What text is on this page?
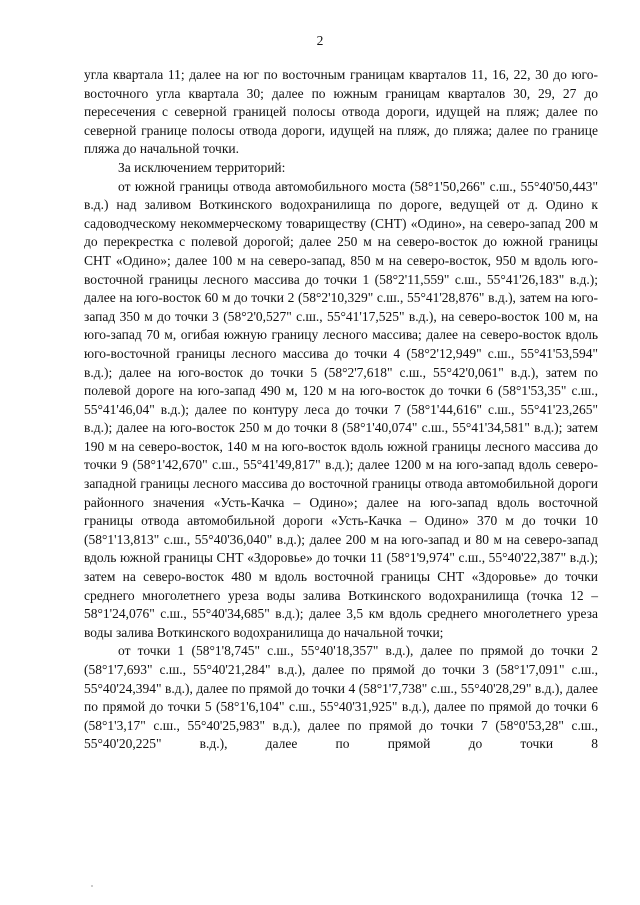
2

угла квартала 11; далее на юг по восточным границам кварталов 11, 16, 22, 30 до юго-восточного угла квартала 30; далее по южным границам кварталов 30, 29, 27 до пересечения с северной границей полосы отвода дороги, идущей на пляж; далее по северной границе полосы отвода дороги, идущей на пляж, до пляжа; далее по границе пляжа до начальной точки.

За исключением территорий:

от южной границы отвода автомобильного моста (58°1'50,266" с.ш., 55°40'50,443" в.д.) над заливом Воткинского водохранилища по дороге, ведущей от д. Одино к садоводческому некоммерческому товариществу (СНТ) «Одино», на северо-запад 200 м до перекрестка с полевой дорогой; далее 250 м на северо-восток до южной границы СНТ «Одино»; далее 100 м на северо-запад, 850 м на северо-восток, 950 м вдоль юго-восточной границы лесного массива до точки 1 (58°2'11,559" с.ш., 55°41'26,183" в.д.); далее на юго-восток 60 м до точки 2 (58°2'10,329" с.ш., 55°41'28,876" в.д.), затем на юго-запад 350 м до точки 3 (58°2'0,527" с.ш., 55°41'17,525" в.д.), на северо-восток 100 м, на юго-запад 70 м, огибая южную границу лесного массива; далее на северо-восток вдоль юго-восточной границы лесного массива до точки 4 (58°2'12,949" с.ш., 55°41'53,594" в.д.); далее на юго-восток до точки 5 (58°2'7,618" с.ш., 55°42'0,061" в.д.), затем по полевой дороге на юго-запад 490 м, 120 м на юго-восток до точки 6 (58°1'53,35" с.ш., 55°41'46,04" в.д.); далее по контуру леса до точки 7 (58°1'44,616" с.ш., 55°41'23,265" в.д.); далее на юго-восток 250 м до точки 8 (58°1'40,074" с.ш., 55°41'34,581" в.д.); затем 190 м на северо-восток, 140 м на юго-восток вдоль южной границы лесного массива до точки 9 (58°1'42,670" с.ш., 55°41'49,817" в.д.); далее 1200 м на юго-запад вдоль северо-западной границы лесного массива до восточной границы отвода автомобильной дороги районного значения «Усть-Качка – Одино»; далее на юго-запад вдоль восточной границы отвода автомобильной дороги «Усть-Качка – Одино» 370 м до точки 10 (58°1'13,813" с.ш., 55°40'36,040" в.д.); далее 200 м на юго-запад и 80 м на северо-запад вдоль южной границы СНТ «Здоровье» до точки 11 (58°1'9,974" с.ш., 55°40'22,387" в.д.); затем на северо-восток 480 м вдоль восточной границы СНТ «Здоровье» до точки среднего многолетнего уреза воды залива Воткинского водохранилища (точка 12 – 58°1'24,076" с.ш., 55°40'34,685" в.д.); далее 3,5 км вдоль среднего многолетнего уреза воды залива Воткинского водохранилища до начальной точки;

от точки 1 (58°1'8,745" с.ш., 55°40'18,357" в.д.), далее по прямой до точки 2 (58°1'7,693" с.ш., 55°40'21,284" в.д.), далее по прямой до точки 3 (58°1'7,091" с.ш., 55°40'24,394" в.д.), далее по прямой до точки 4 (58°1'7,738" с.ш., 55°40'28,29" в.д.), далее по прямой до точки 5 (58°1'6,104" с.ш., 55°40'31,925" в.д.), далее по прямой до точки 6 (58°1'3,17" с.ш., 55°40'25,983" в.д.), далее по прямой до точки 7 (58°0'53,28" с.ш., 55°40'20,225" в.д.), далее по прямой до точки 8
